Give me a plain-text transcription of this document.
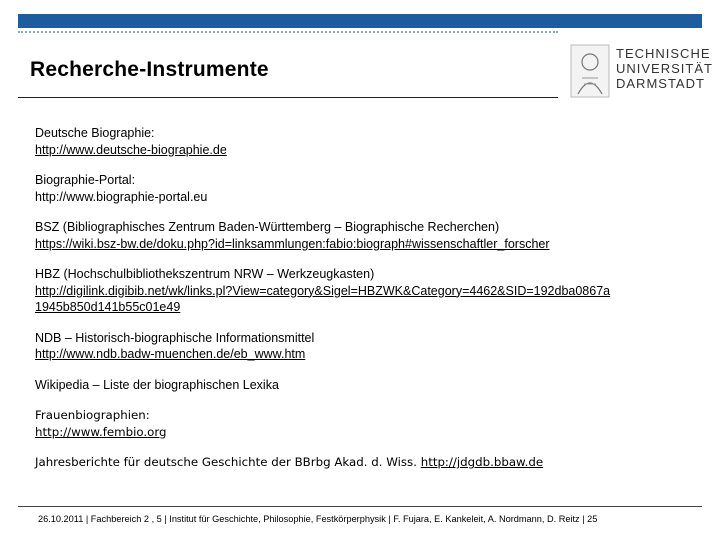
Recherche-Instrumente
TECHNISCHE
UNIVERSITÄT
DARMSTADT
Deutsche Biographie:
http://www.deutsche-biographie.de
Biographie-Portal:
http://www.biographie-portal.eu
BSZ (Bibliographisches Zentrum Baden-Württemberg – Biographische Recherchen)
https://wiki.bsz-bw.de/doku.php?id=linksammlungen:fabio:biograph#wissenschaftler_forscher
HBZ (Hochschulbibliothekszentrum NRW – Werkzeugkasten)
http://digilink.digibib.net/wk/links.pl?View=category&Sigel=HBZWK&Category=4462&SID=192dba0867a 1945b850d141b55c01e49
NDB – Historisch-biographische Informationsmittel
http://www.ndb.badw-muenchen.de/eb_www.htm
Wikipedia – Liste der biographischen Lexika
Frauenbiographien:
http://www.fembio.org
Jahresberichte für deutsche Geschichte der BBrbg Akad. d. Wiss. http://jdgdb.bbaw.de
26.10.2011 | Fachbereich 2 , 5 | Institut für Geschichte, Philosophie, Festkörperphysik | F. Fujara, E. Kankeleit, A. Nordmann, D. Reitz | 25
